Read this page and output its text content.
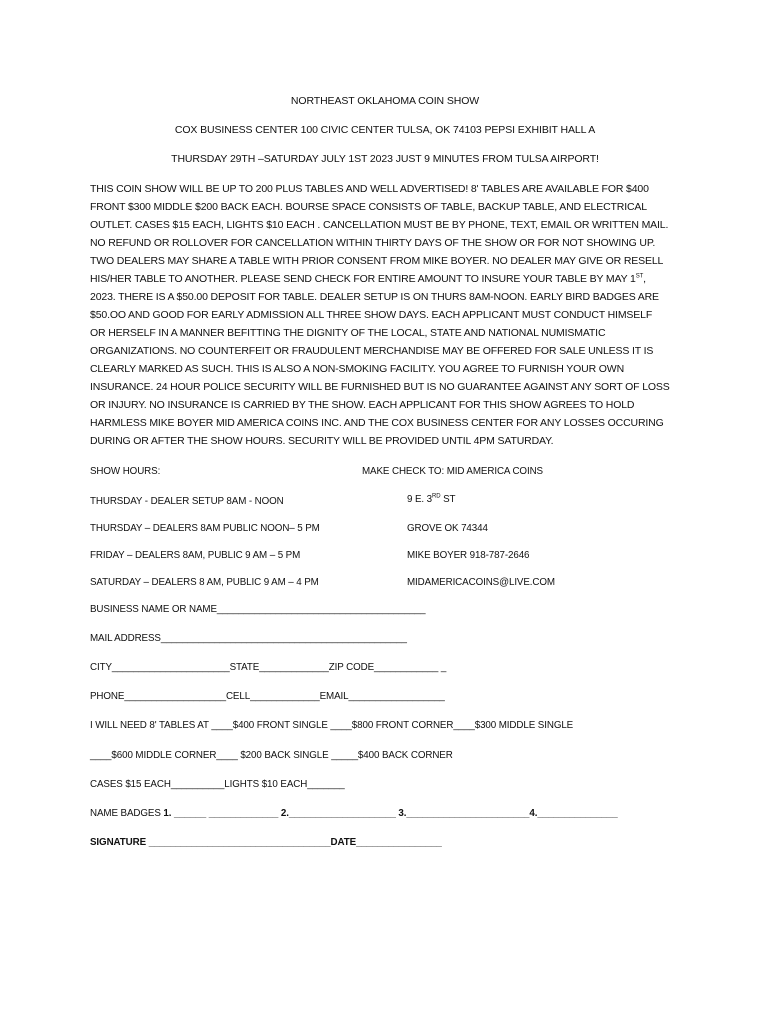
NORTHEAST OKLAHOMA COIN SHOW
COX BUSINESS CENTER 100 CIVIC CENTER TULSA, OK 74103 PEPSI EXHIBIT HALL A
THURSDAY 29TH –SATURDAY JULY 1ST 2023 JUST 9 MINUTES FROM TULSA AIRPORT!
THIS COIN SHOW WILL BE UP TO 200 PLUS TABLES AND WELL ADVERTISED! 8' TABLES ARE AVAILABLE FOR $400
FRONT $300 MIDDLE $200 BACK EACH. BOURSE SPACE CONSISTS OF TABLE, BACKUP TABLE, AND ELECTRICAL
OUTLET. CASES $15 EACH, LIGHTS $10 EACH . CANCELLATION MUST BE BY PHONE, TEXT, EMAIL OR WRITTEN MAIL.
NO REFUND OR ROLLOVER FOR CANCELLATION WITHIN THIRTY DAYS OF THE SHOW OR FOR NOT SHOWING UP.
TWO DEALERS MAY SHARE A TABLE WITH PRIOR CONSENT FROM MIKE BOYER. NO DEALER MAY GIVE OR RESELL
HIS/HER TABLE TO ANOTHER. PLEASE SEND CHECK FOR ENTIRE AMOUNT TO INSURE YOUR TABLE BY MAY 1ST,
2023. THERE IS A $50.00 DEPOSIT FOR TABLE. DEALER SETUP IS ON THURS 8AM-NOON. EARLY BIRD BADGES ARE
$50.OO AND GOOD FOR EARLY ADMISSION ALL THREE SHOW DAYS. EACH APPLICANT MUST CONDUCT HIMSELF
OR HERSELF IN A MANNER BEFITTING THE DIGNITY OF THE LOCAL, STATE AND NATIONAL NUMISMATIC
ORGANIZATIONS. NO COUNTERFEIT OR FRAUDULENT MERCHANDISE MAY BE OFFERED FOR SALE UNLESS IT IS
CLEARLY MARKED AS SUCH. THIS IS ALSO A NON-SMOKING FACILITY. YOU AGREE TO FURNISH YOUR OWN
INSURANCE. 24 HOUR POLICE SECURITY WILL BE FURNISHED BUT IS NO GUARANTEE AGAINST ANY SORT OF LOSS
OR INJURY. NO INSURANCE IS CARRIED BY THE SHOW. EACH APPLICANT FOR THIS SHOW AGREES TO HOLD
HARMLESS MIKE BOYER MID AMERICA COINS INC. AND THE COX BUSINESS CENTER FOR ANY LOSSES OCCURING
DURING OR AFTER THE SHOW HOURS. SECURITY WILL BE PROVIDED UNTIL 4PM SATURDAY.
SHOW HOURS:	MAKE CHECK TO: MID AMERICA COINS
THURSDAY - DEALER SETUP 8AM - NOON	9 E. 3RD ST
THURSDAY – DEALERS 8AM PUBLIC NOON– 5 PM	GROVE OK 74344
FRIDAY – DEALERS 8AM, PUBLIC 9 AM – 5 PM	MIKE BOYER 918-787-2646
SATURDAY – DEALERS 8 AM, PUBLIC 9 AM – 4 PM	MIDAMERICACOINS@LIVE.COM
BUSINESS NAME OR NAME_______________________________________
MAIL ADDRESS______________________________________________
CITY______________________STATE_____________ZIP CODE____________ _
PHONE___________________CELL_____________EMAIL__________________
I WILL NEED 8' TABLES AT ____$400 FRONT SINGLE ____$800 FRONT CORNER____$300 MIDDLE SINGLE
____$600 MIDDLE CORNER____ $200 BACK SINGLE _____$400 BACK CORNER
CASES $15 EACH__________LIGHTS $10 EACH_______
NAME BADGES 1. ______ _____________ 2.____________________ 3._______________________4._______________
SIGNATURE __________________________________DATE________________
